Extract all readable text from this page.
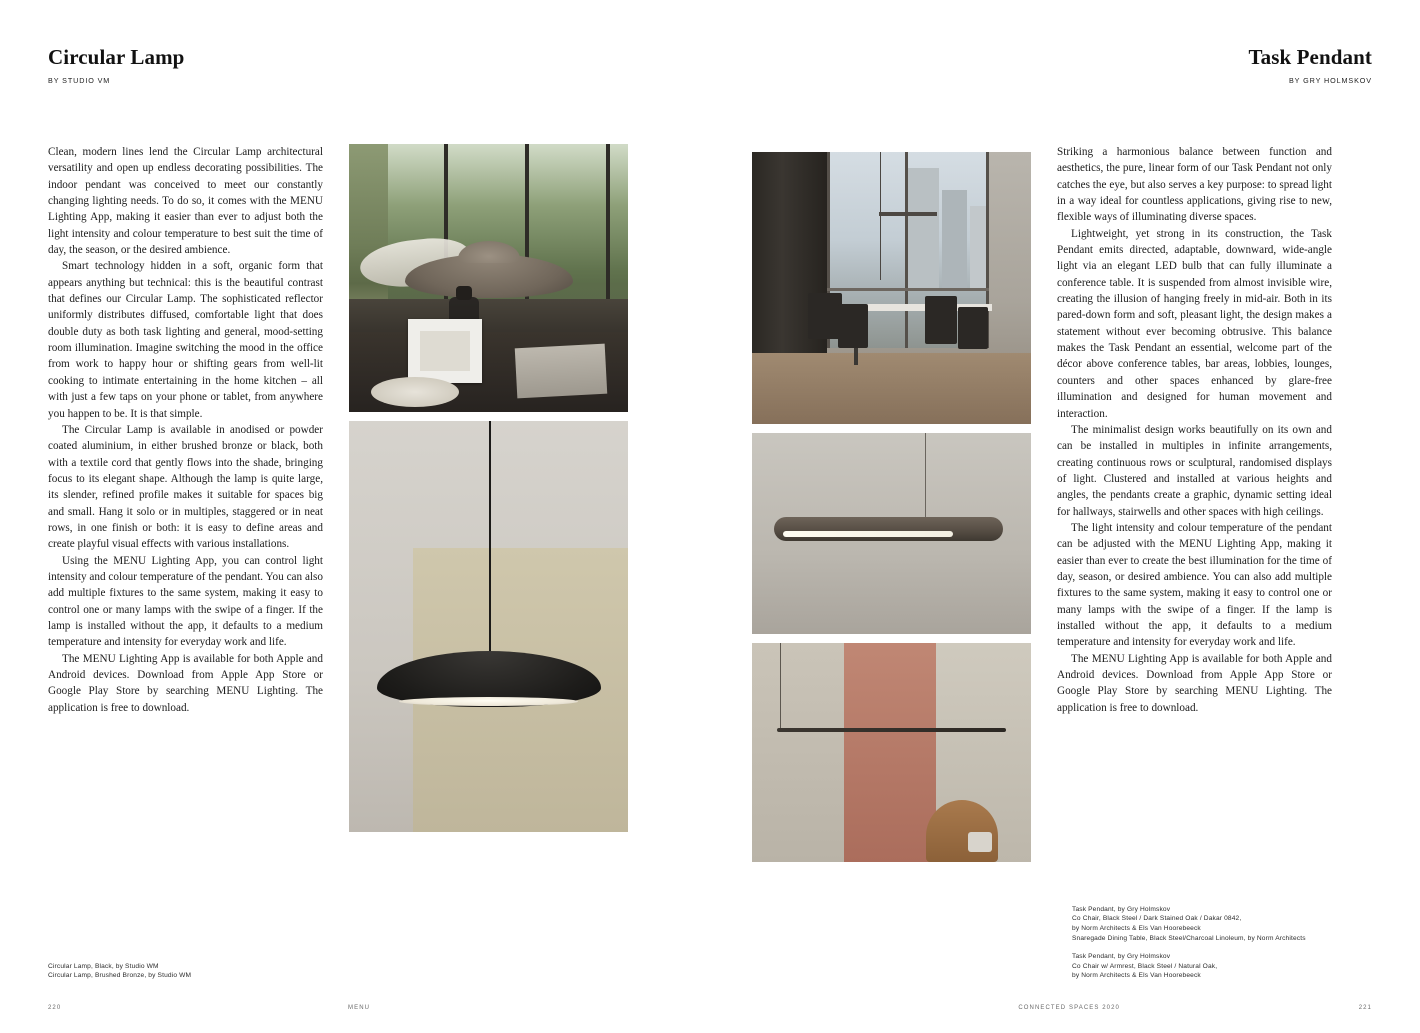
Circular Lamp
BY STUDIO VM

Clean, modern lines lend the Circular Lamp architectural versatility and open up endless decorating possibilities. The indoor pendant was conceived to meet our constantly changing lighting needs. To do so, it comes with the MENU Lighting App, making it easier than ever to adjust both the light intensity and colour temperature to best suit the time of day, the season, or the desired ambience.

Smart technology hidden in a soft, organic form that appears anything but technical: this is the beautiful contrast that defines our Circular Lamp. The sophisticated reflector uniformly distributes diffused, comfortable light that does double duty as both task lighting and general, mood-setting room illumination. Imagine switching the mood in the office from work to happy hour or shifting gears from well-lit cooking to intimate entertaining in the home kitchen – all with just a few taps on your phone or tablet, from anywhere you happen to be. It is that simple.

The Circular Lamp is available in anodised or powder coated aluminium, in either brushed bronze or black, both with a textile cord that gently flows into the shade, bringing focus to its elegant shape. Although the lamp is quite large, its slender, refined profile makes it suitable for spaces big and small. Hang it solo or in multiples, staggered or in neat rows, in one finish or both: it is easy to define areas and create playful visual effects with various installations.

Using the MENU Lighting App, you can control light intensity and colour temperature of the pendant. You can also add multiple fixtures to the same system, making it easy to control one or many lamps with the swipe of a finger. If the lamp is installed without the app, it defaults to a medium temperature and intensity for everyday work and life.

The MENU Lighting App is available for both Apple and Android devices. Download from Apple App Store or Google Play Store by searching MENU Lighting. The application is free to download.

Circular Lamp, Black, by Studio WM
Circular Lamp, Brushed Bronze, by Studio WM
220	MENU
Task Pendant
BY GRY HOLMSKOV

Striking a harmonious balance between function and aesthetics, the pure, linear form of our Task Pendant not only catches the eye, but also serves a key purpose: to spread light in a way ideal for countless applications, giving rise to new, flexible ways of illuminating diverse spaces.

Lightweight, yet strong in its construction, the Task Pendant emits directed, adaptable, downward, wide-angle light via an elegant LED bulb that can fully illuminate a conference table. It is suspended from almost invisible wire, creating the illusion of hanging freely in mid-air. Both in its pared-down form and soft, pleasant light, the design makes a statement without ever becoming obtrusive. This balance makes the Task Pendant an essential, welcome part of the décor above conference tables, bar areas, lobbies, lounges, counters and other spaces enhanced by glare-free illumination and designed for human movement and interaction.

The minimalist design works beautifully on its own and can be installed in multiples in infinite arrangements, creating continuous rows or sculptural, randomised displays of light. Clustered and installed at various heights and angles, the pendants create a graphic, dynamic setting ideal for hallways, stairwells and other spaces with high ceilings.

The light intensity and colour temperature of the pendant can be adjusted with the MENU Lighting App, making it easier than ever to create the best illumination for the time of day, season, or desired ambience. You can also add multiple fixtures to the same system, making it easy to control one or many lamps with the swipe of a finger. If the lamp is installed without the app, it defaults to a medium temperature and intensity for everyday work and life.

The MENU Lighting App is available for both Apple and Android devices. Download from Apple App Store or Google Play Store by searching MENU Lighting. The application is free to download.

Task Pendant, by Gry Holmskov
Co Chair, Black Steel / Dark Stained Oak / Dakar 0842,
by Norm Architects & Els Van Hoorebeeck
Snaregade Dining Table, Black Steel/Charcoal Linoleum, by Norm Architects
Task Pendant, by Gry Holmskov
Co Chair w/ Armrest, Black Steel / Natural Oak,
by Norm Architects & Els Van Hoorebeeck
CONNECTED SPACES 2020	221
